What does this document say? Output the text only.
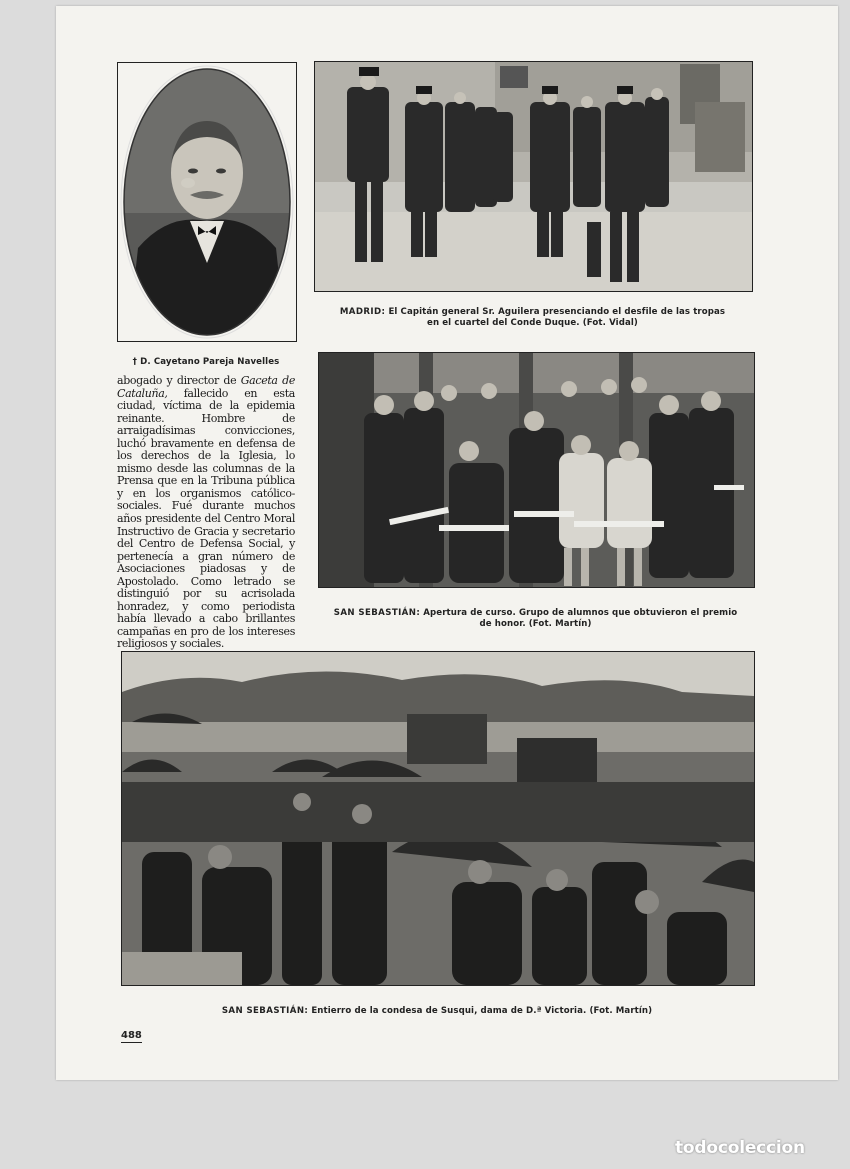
† D. Cayetano Pareja Navelles

abogado y director de Gaceta de Cataluña, fallecido en esta ciudad, víctima de la epidemia reinante. Hombre de arraigadísimas convicciones, luchó bravamente en defensa de los derechos de la Iglesia, lo mismo desde las columnas de la Prensa que en la Tribuna pública y en los organismos católico-sociales. Fué durante muchos años presidente del Centro Moral Instructivo de Gracia y secretario del Centro de Defensa Social, y pertenecía a gran número de Asociaciones piadosas y de Apostolado. Como letrado se distinguió por su acrisolada honradez, y como periodista había llevado a cabo brillantes campañas en pro de los intereses religiosos y sociales.

MADRID: El Capitán general Sr. Aguilera presenciando el desfile de las tropas
en el cuartel del Conde Duque. (Fot. Vidal)
SAN SEBASTIÁN: Apertura de curso. Grupo de alumnos que obtuvieron el premio
de honor. (Fot. Martín)
SAN SEBASTIÁN: Entierro de la condesa de Susqui, dama de D.ª Victoria. (Fot. Martín)
488
todocoleccion
